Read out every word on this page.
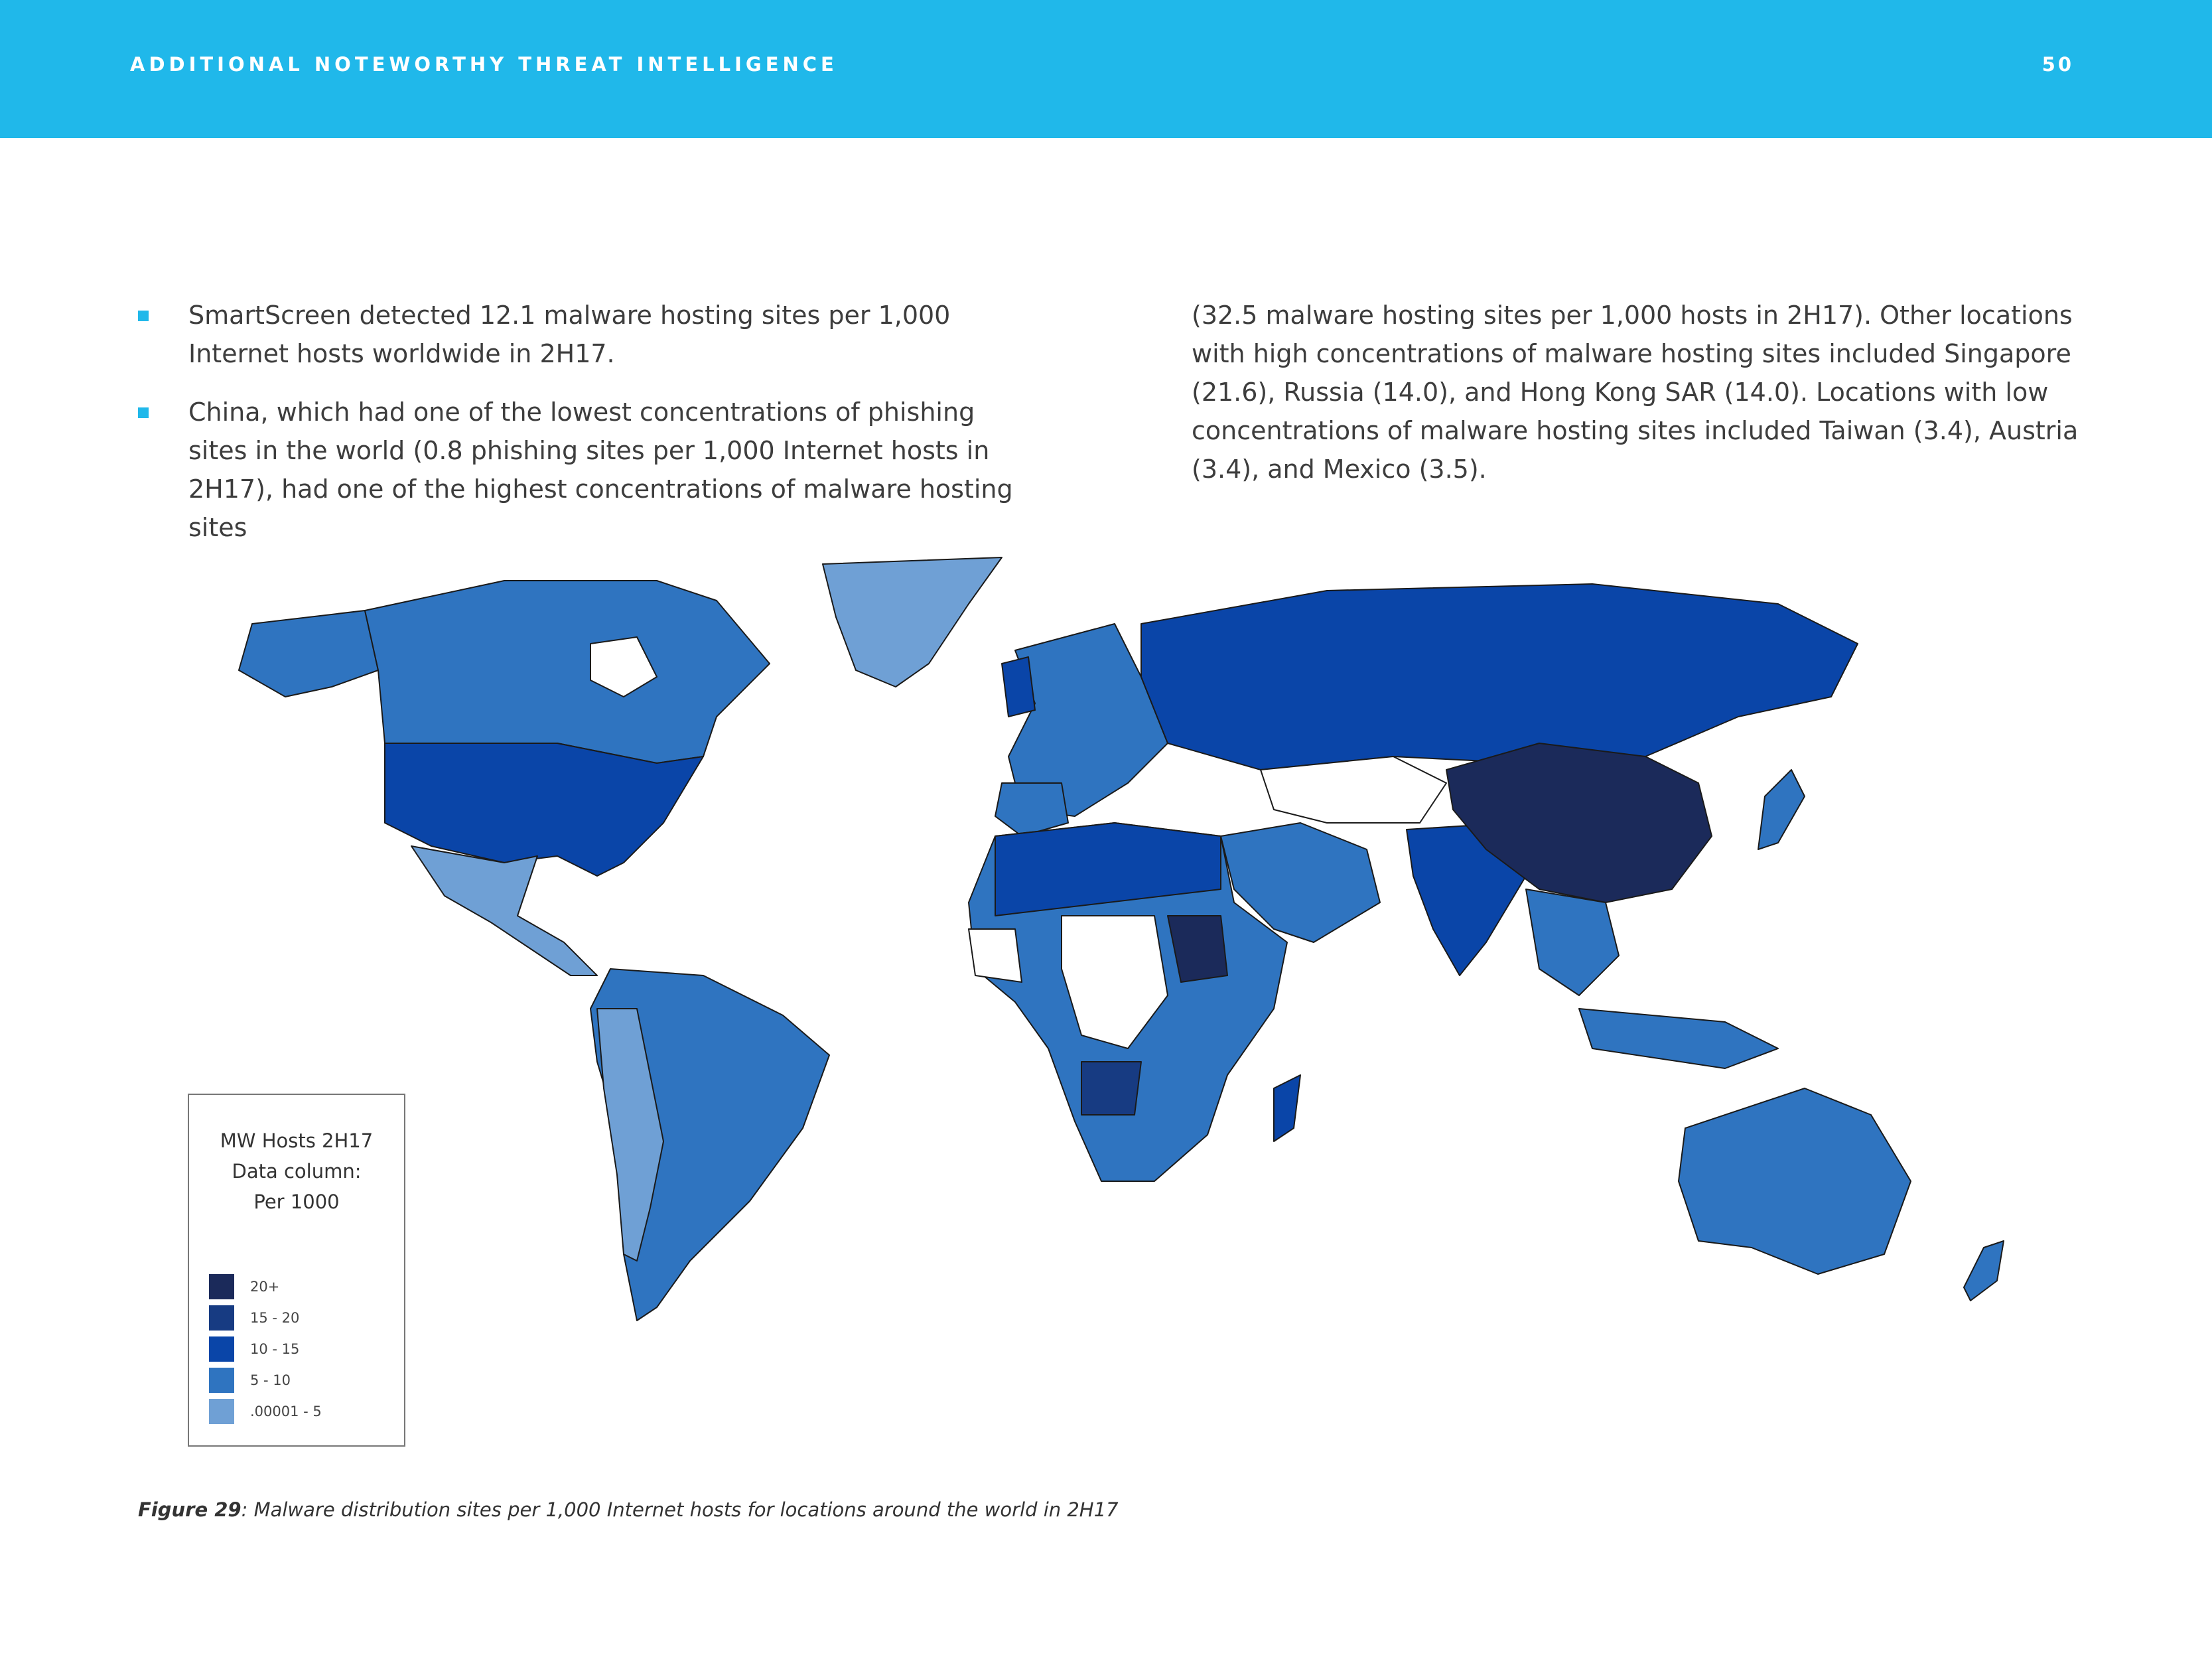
ADDITIONAL NOTEWORTHY THREAT INTELLIGENCE	50
SmartScreen detected 12.1 malware hosting sites per 1,000 Internet hosts worldwide in 2H17.
China, which had one of the lowest concentrations of phishing sites in the world (0.8 phishing sites per 1,000 Internet hosts in 2H17), had one of the highest concentrations of malware hosting sites
(32.5 malware hosting sites per 1,000 hosts in 2H17). Other locations with high concentrations of malware hosting sites included Singapore (21.6), Russia (14.0), and Hong Kong SAR (14.0). Locations with low concentrations of malware hosting sites included Taiwan (3.4), Austria (3.4), and Mexico (3.5).
MW Hosts 2H17
Data column:
Per 1000
20+
15 - 20
10 - 15
5 - 10
.00001 - 5
Figure 29: Malware distribution sites per 1,000 Internet hosts for locations around the world in 2H17
